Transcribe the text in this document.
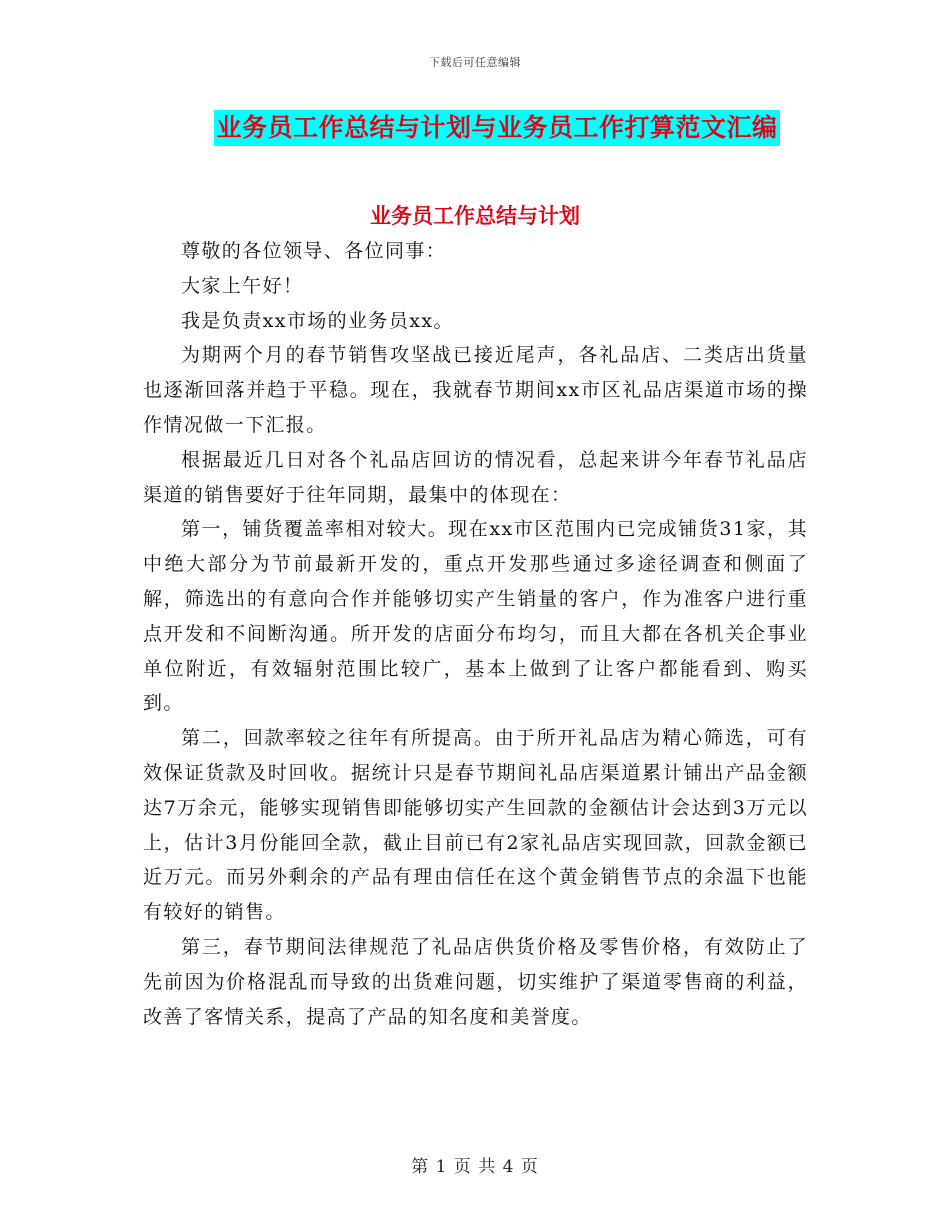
下载后可任意编辑
业务员工作总结与计划与业务员工作打算范文汇编
业务员工作总结与计划

尊敬的各位领导、各位同事：

大家上午好！

我是负责xx市场的业务员xx。

为期两个月的春节销售攻坚战已接近尾声，各礼品店、二类店出货量也逐渐回落并趋于平稳。现在，我就春节期间xx市区礼品店渠道市场的操作情况做一下汇报。

根据最近几日对各个礼品店回访的情况看，总起来讲今年春节礼品店渠道的销售要好于往年同期，最集中的体现在：

第一，铺货覆盖率相对较大。现在xx市区范围内已完成铺货31家，其中绝大部分为节前最新开发的，重点开发那些通过多途径调查和侧面了解，筛选出的有意向合作并能够切实产生销量的客户，作为准客户进行重点开发和不间断沟通。所开发的店面分布均匀，而且大都在各机关企事业单位附近，有效辐射范围比较广，基本上做到了让客户都能看到、购买到。

第二，回款率较之往年有所提高。由于所开礼品店为精心筛选，可有效保证货款及时回收。据统计只是春节期间礼品店渠道累计铺出产品金额达7万余元，能够实现销售即能够切实产生回款的金额估计会达到3万元以上，估计3月份能回全款，截止目前已有2家礼品店实现回款，回款金额已近万元。而另外剩余的产品有理由信任在这个黄金销售节点的余温下也能有较好的销售。

第三，春节期间法律规范了礼品店供货价格及零售价格，有效防止了先前因为价格混乱而导致的出货难问题，切实维护了渠道零售商的利益，改善了客情关系，提高了产品的知名度和美誉度。

第 1 页 共 4 页
